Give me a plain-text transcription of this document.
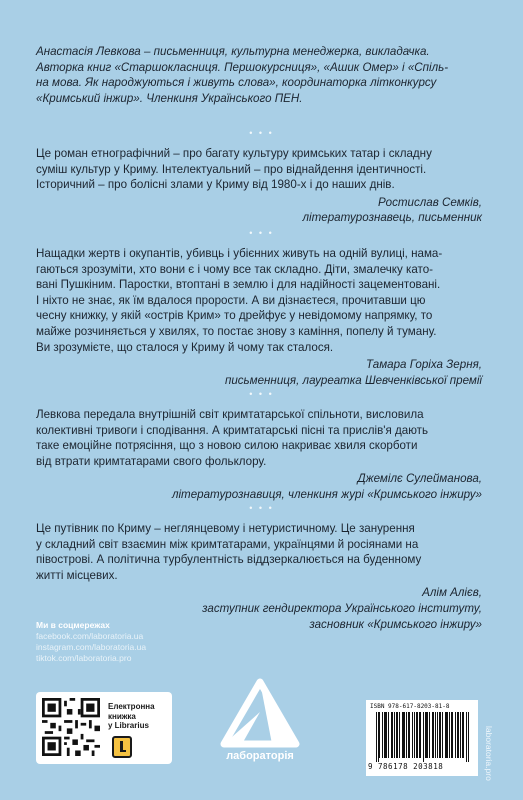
Анастасія Левкова – письменниця, культурна менеджерка, викладачка.
Авторка книг «Старшокласниця. Першокурсниця», «Ашик Омер» і «Спіль-
на мова. Як народжуються і живуть слова», координаторка літконкурсу
«Кримський інжир». Членкиня Українського ПЕН.

• • •

Це роман етнографічний – про багату культуру кримських татар і складну
суміш культур у Криму. Інтелектуальний – про віднайдення ідентичності.
Історичний – про болісні злами у Криму від 1980-х і до наших днів.

Ростислав Семків,
літературознавець, письменник

• • •

Нащадки жертв і окупантів, убивць і убієнних живуть на одній вулиці, нама-
гаються зрозуміти, хто вони є і чому все так складно. Діти, змалечку като-
вані Пушкіним. Паростки, втоптані в землю і для надійності зацементовані.
І ніхто не знає, як їм вдалося прорости. А ви дізнаєтеся, прочитавши цю
чесну книжку, у якій «острів Крим» то дрейфує у невідомому напрямку, то
майже розчиняється у хвилях, то постає знову з каміння, попелу й туману.
Ви зрозумієте, що сталося у Криму й чому так сталося.

Тамара Горіха Зерня,
письменниця, лауреатка Шевченківської премії

• • •

Левкова передала внутрішній світ кримтатарської спільноти, висловила
колективні тривоги і сподівання. А кримтатарські пісні та прислів'я дають
таке емоційне потрясіння, що з новою силою накриває хвиля скорботи
від втрати кримтатарами свого фольклору.

Джемілє Сулейманова,
літературознавиця, членкиня журі «Кримського інжиру»

• • •

Це путівник по Криму – неглянцевому і нетуристичному. Це занурення
у складний світ взаємин між кримтатарами, українцями й росіянами на
півострові. А політична турбулентність віддзеркалюється на буденному
житті місцевих.

Алім Алієв,
заступник гендиректора Українського інституту,
засновник «Кримського інжиру»

Ми в соцмережах
facebook.com/laboratoria.ua
instagram.com/laboratoria.ua
tiktok.com/laboratoria.pro
Електронна
книжка
у Librarius
лабораторія
ISBN 978-617-8203-81-8
9 786178 203818	laboratoria.pro
